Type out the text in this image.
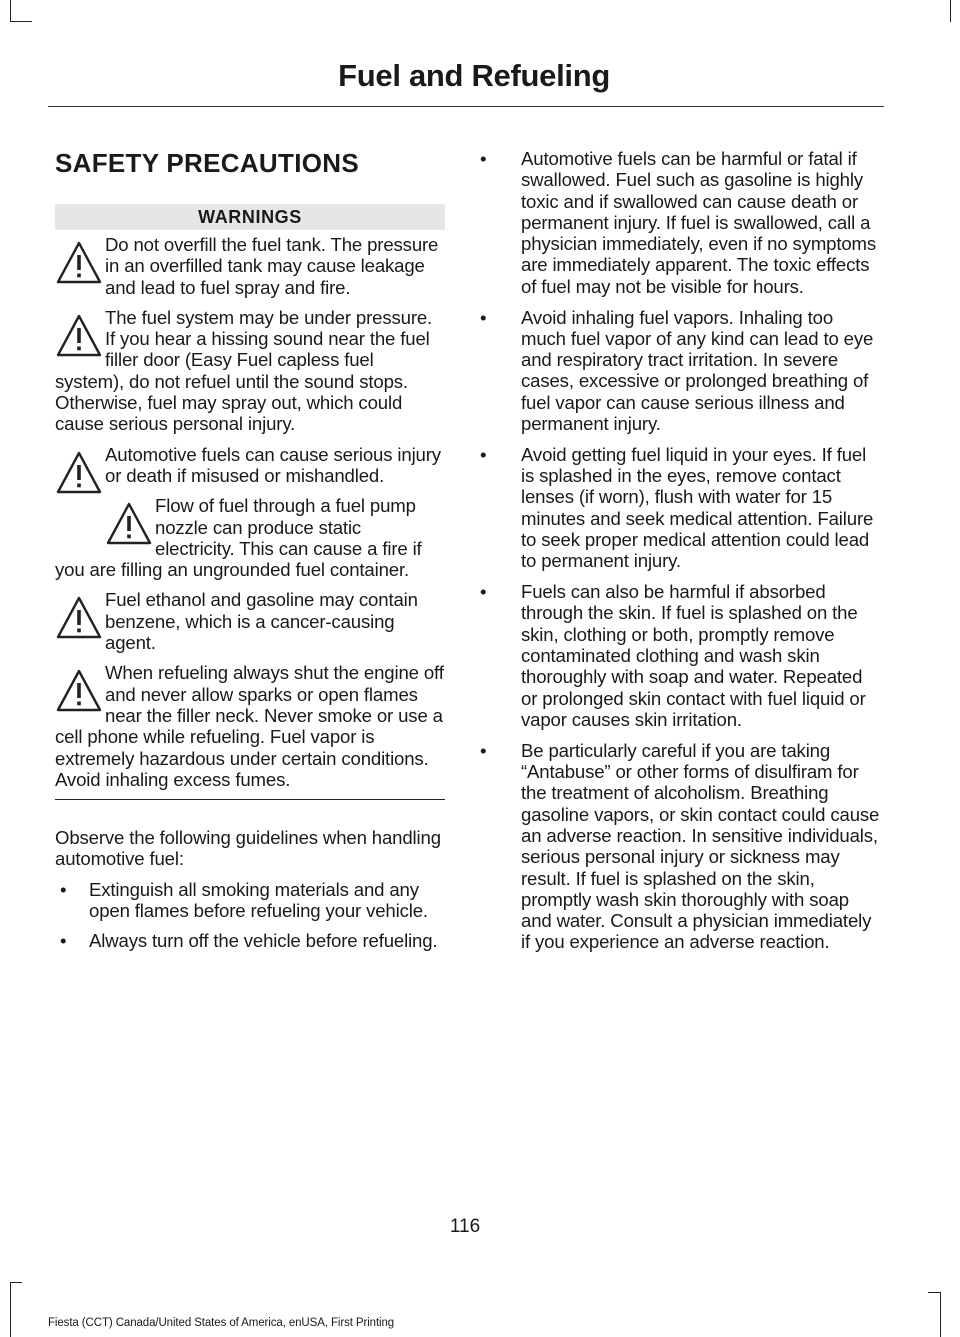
Fuel and Refueling
SAFETY PRECAUTIONS
WARNINGS
Do not overfill the fuel tank. The pressure in an overfilled tank may cause leakage and lead to fuel spray and fire.
The fuel system may be under pressure. If you hear a hissing sound near the fuel filler door (Easy Fuel capless fuel system), do not refuel until the sound stops. Otherwise, fuel may spray out, which could cause serious personal injury.
Automotive fuels can cause serious injury or death if misused or mishandled.
Flow of fuel through a fuel pump nozzle can produce static electricity. This can cause a fire if you are filling an ungrounded fuel container.
Fuel ethanol and gasoline may contain benzene, which is a cancer-causing agent.
When refueling always shut the engine off and never allow sparks or open flames near the filler neck. Never smoke or use a cell phone while refueling. Fuel vapor is extremely hazardous under certain conditions. Avoid inhaling excess fumes.

Observe the following guidelines when handling automotive fuel:

• Extinguish all smoking materials and any open flames before refueling your vehicle.
• Always turn off the vehicle before refueling.
• Automotive fuels can be harmful or fatal if swallowed. Fuel such as gasoline is highly toxic and if swallowed can cause death or permanent injury. If fuel is swallowed, call a physician immediately, even if no symptoms are immediately apparent. The toxic effects of fuel may not be visible for hours.
• Avoid inhaling fuel vapors. Inhaling too much fuel vapor of any kind can lead to eye and respiratory tract irritation. In severe cases, excessive or prolonged breathing of fuel vapor can cause serious illness and permanent injury.
• Avoid getting fuel liquid in your eyes. If fuel is splashed in the eyes, remove contact lenses (if worn), flush with water for 15 minutes and seek medical attention. Failure to seek proper medical attention could lead to permanent injury.
• Fuels can also be harmful if absorbed through the skin. If fuel is splashed on the skin, clothing or both, promptly remove contaminated clothing and wash skin thoroughly with soap and water. Repeated or prolonged skin contact with fuel liquid or vapor causes skin irritation.
• Be particularly careful if you are taking “Antabuse” or other forms of disulfiram for the treatment of alcoholism. Breathing gasoline vapors, or skin contact could cause an adverse reaction. In sensitive individuals, serious personal injury or sickness may result. If fuel is splashed on the skin, promptly wash skin thoroughly with soap and water. Consult a physician immediately if you experience an adverse reaction.
116
Fiesta (CCT) Canada/United States of America, enUSA, First Printing
